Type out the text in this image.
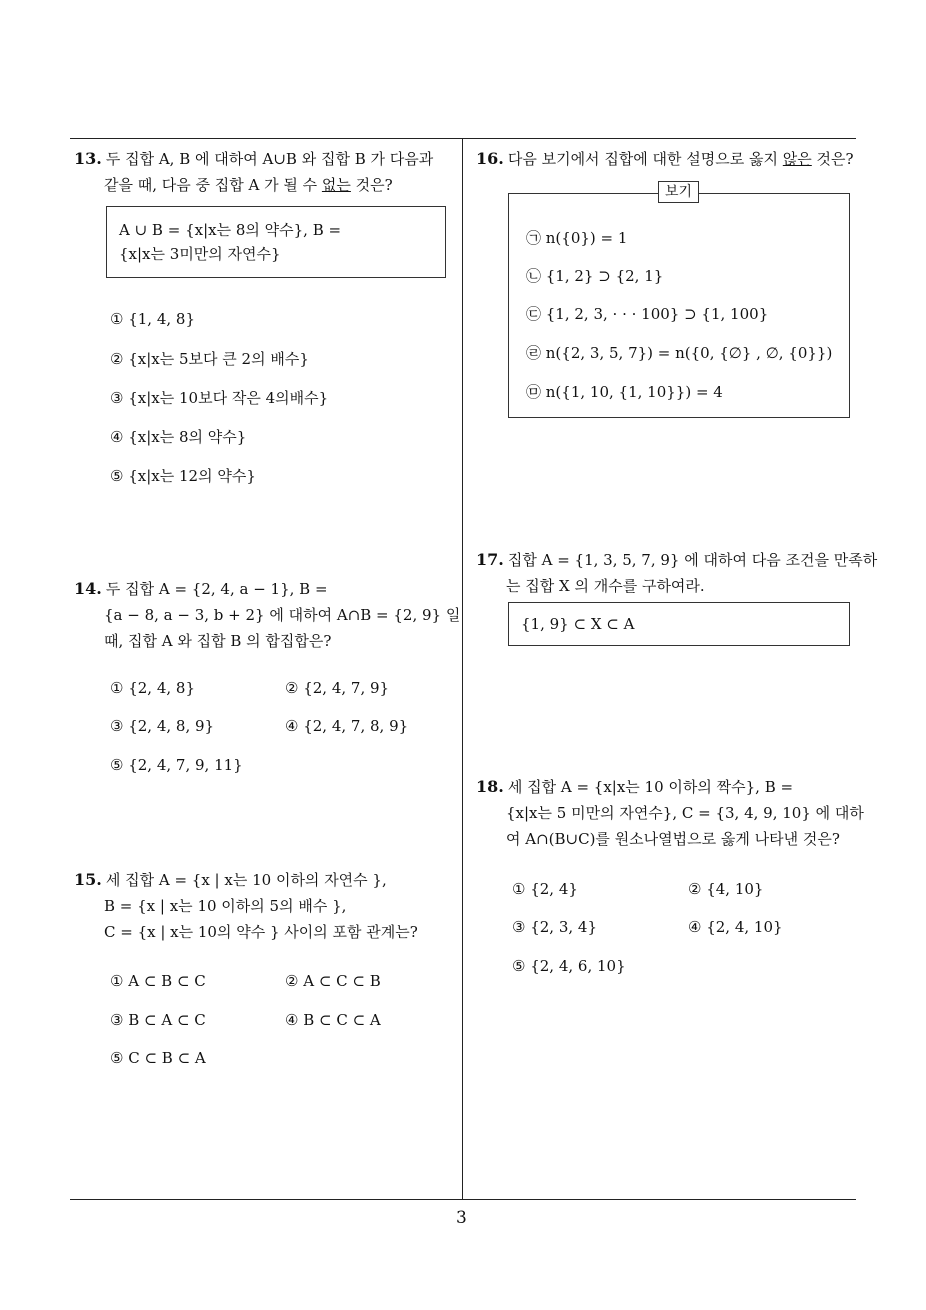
13. 두 집합 A, B 에 대하여 A∪B 와 집합 B 가 다음과
같을 때, 다음 중 집합 A 가 될 수 없는 것은?
A ∪ B = {x|x는 8의 약수}, B =
{x|x는 3미만의 자연수}
① {1, 4, 8}
② {x|x는 5보다 큰 2의 배수}
③ {x|x는 10보다 작은 4의배수}
④ {x|x는 8의 약수}
⑤ {x|x는 12의 약수}
14. 두 집합 A = {2, 4, a − 1}, B =
{a − 8, a − 3, b + 2} 에 대하여 A∩B = {2, 9} 일
때, 집합 A 와 집합 B 의 합집합은?
① {2, 4, 8}	② {2, 4, 7, 9}
③ {2, 4, 8, 9}	④ {2, 4, 7, 8, 9}
⑤ {2, 4, 7, 9, 11}
15. 세 집합 A = {x | x는 10 이하의 자연수 },
B = {x | x는 10 이하의 5의 배수 },
C = {x | x는 10의 약수 } 사이의 포함 관계는?
① A ⊂ B ⊂ C	② A ⊂ C ⊂ B
③ B ⊂ A ⊂ C	④ B ⊂ C ⊂ A
⑤ C ⊂ B ⊂ A
16. 다음 보기에서 집합에 대한 설명으로 옳지 않은 것은?
보기
㉠ n({0}) = 1
㉡ {1, 2} ⊃ {2, 1}
㉢ {1, 2, 3, · · · 100} ⊃ {1, 100}
㉣ n({2, 3, 5, 7}) = n({0, {∅} , ∅, {0}})
㉤ n({1, 10, {1, 10}}) = 4
17. 집합 A = {1, 3, 5, 7, 9} 에 대하여 다음 조건을 만족하
는 집합 X 의 개수를 구하여라.
{1, 9} ⊂ X ⊂ A
18. 세 집합 A = {x|x는 10 이하의 짝수}, B =
{x|x는 5 미만의 자연수}, C = {3, 4, 9, 10} 에 대하
여 A∩(B∪C)를 원소나열법으로 옳게 나타낸 것은?
① {2, 4}	② {4, 10}
③ {2, 3, 4}	④ {2, 4, 10}
⑤ {2, 4, 6, 10}
3
